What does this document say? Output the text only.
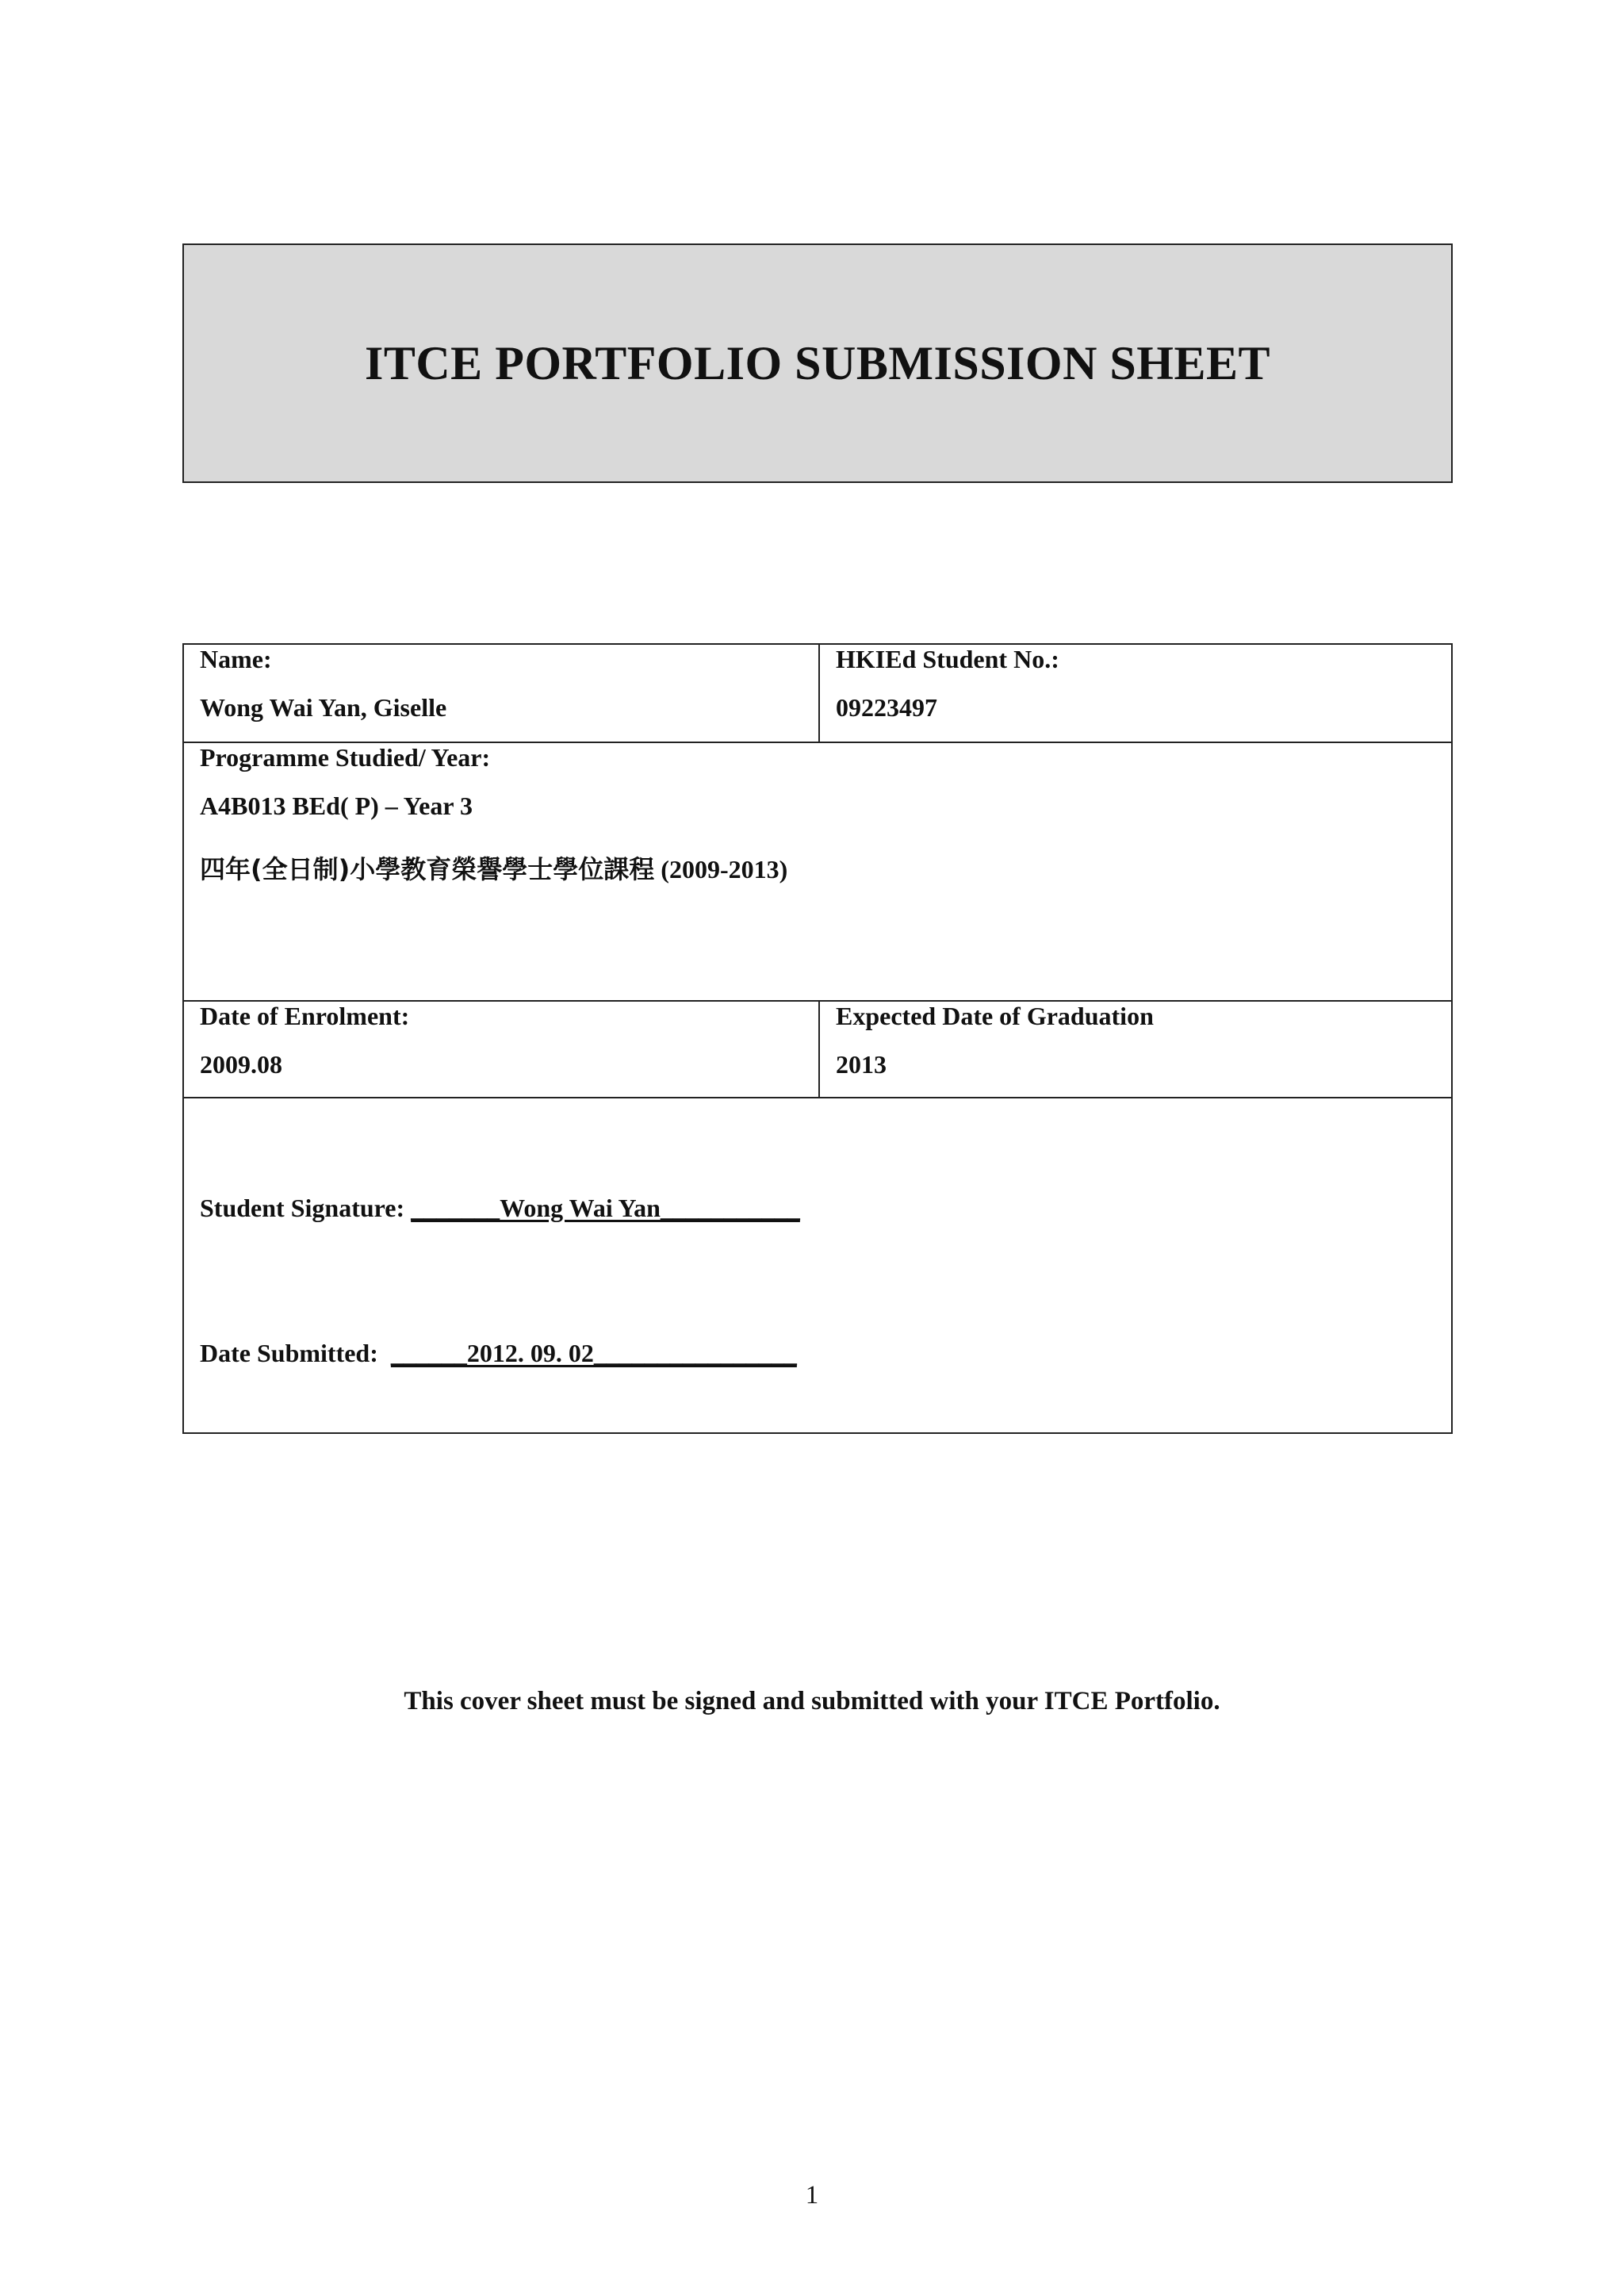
ITCE PORTFOLIO SUBMISSION SHEET
Name:
Wong Wai Yan, Giselle
HKIEd Student No.:
09223497
Programme Studied/ Year:
A4B013 BEd( P) – Year 3
四年(全日制)小學教育榮譽學士學位課程 (2009-2013)
Date of Enrolment:
2009.08
Expected Date of Graduation
2013
Student Signature: _______Wong Wai Yan___________
Date Submitted:  ______2012. 09. 02________________
This cover sheet must be signed and submitted with your ITCE Portfolio.
1
